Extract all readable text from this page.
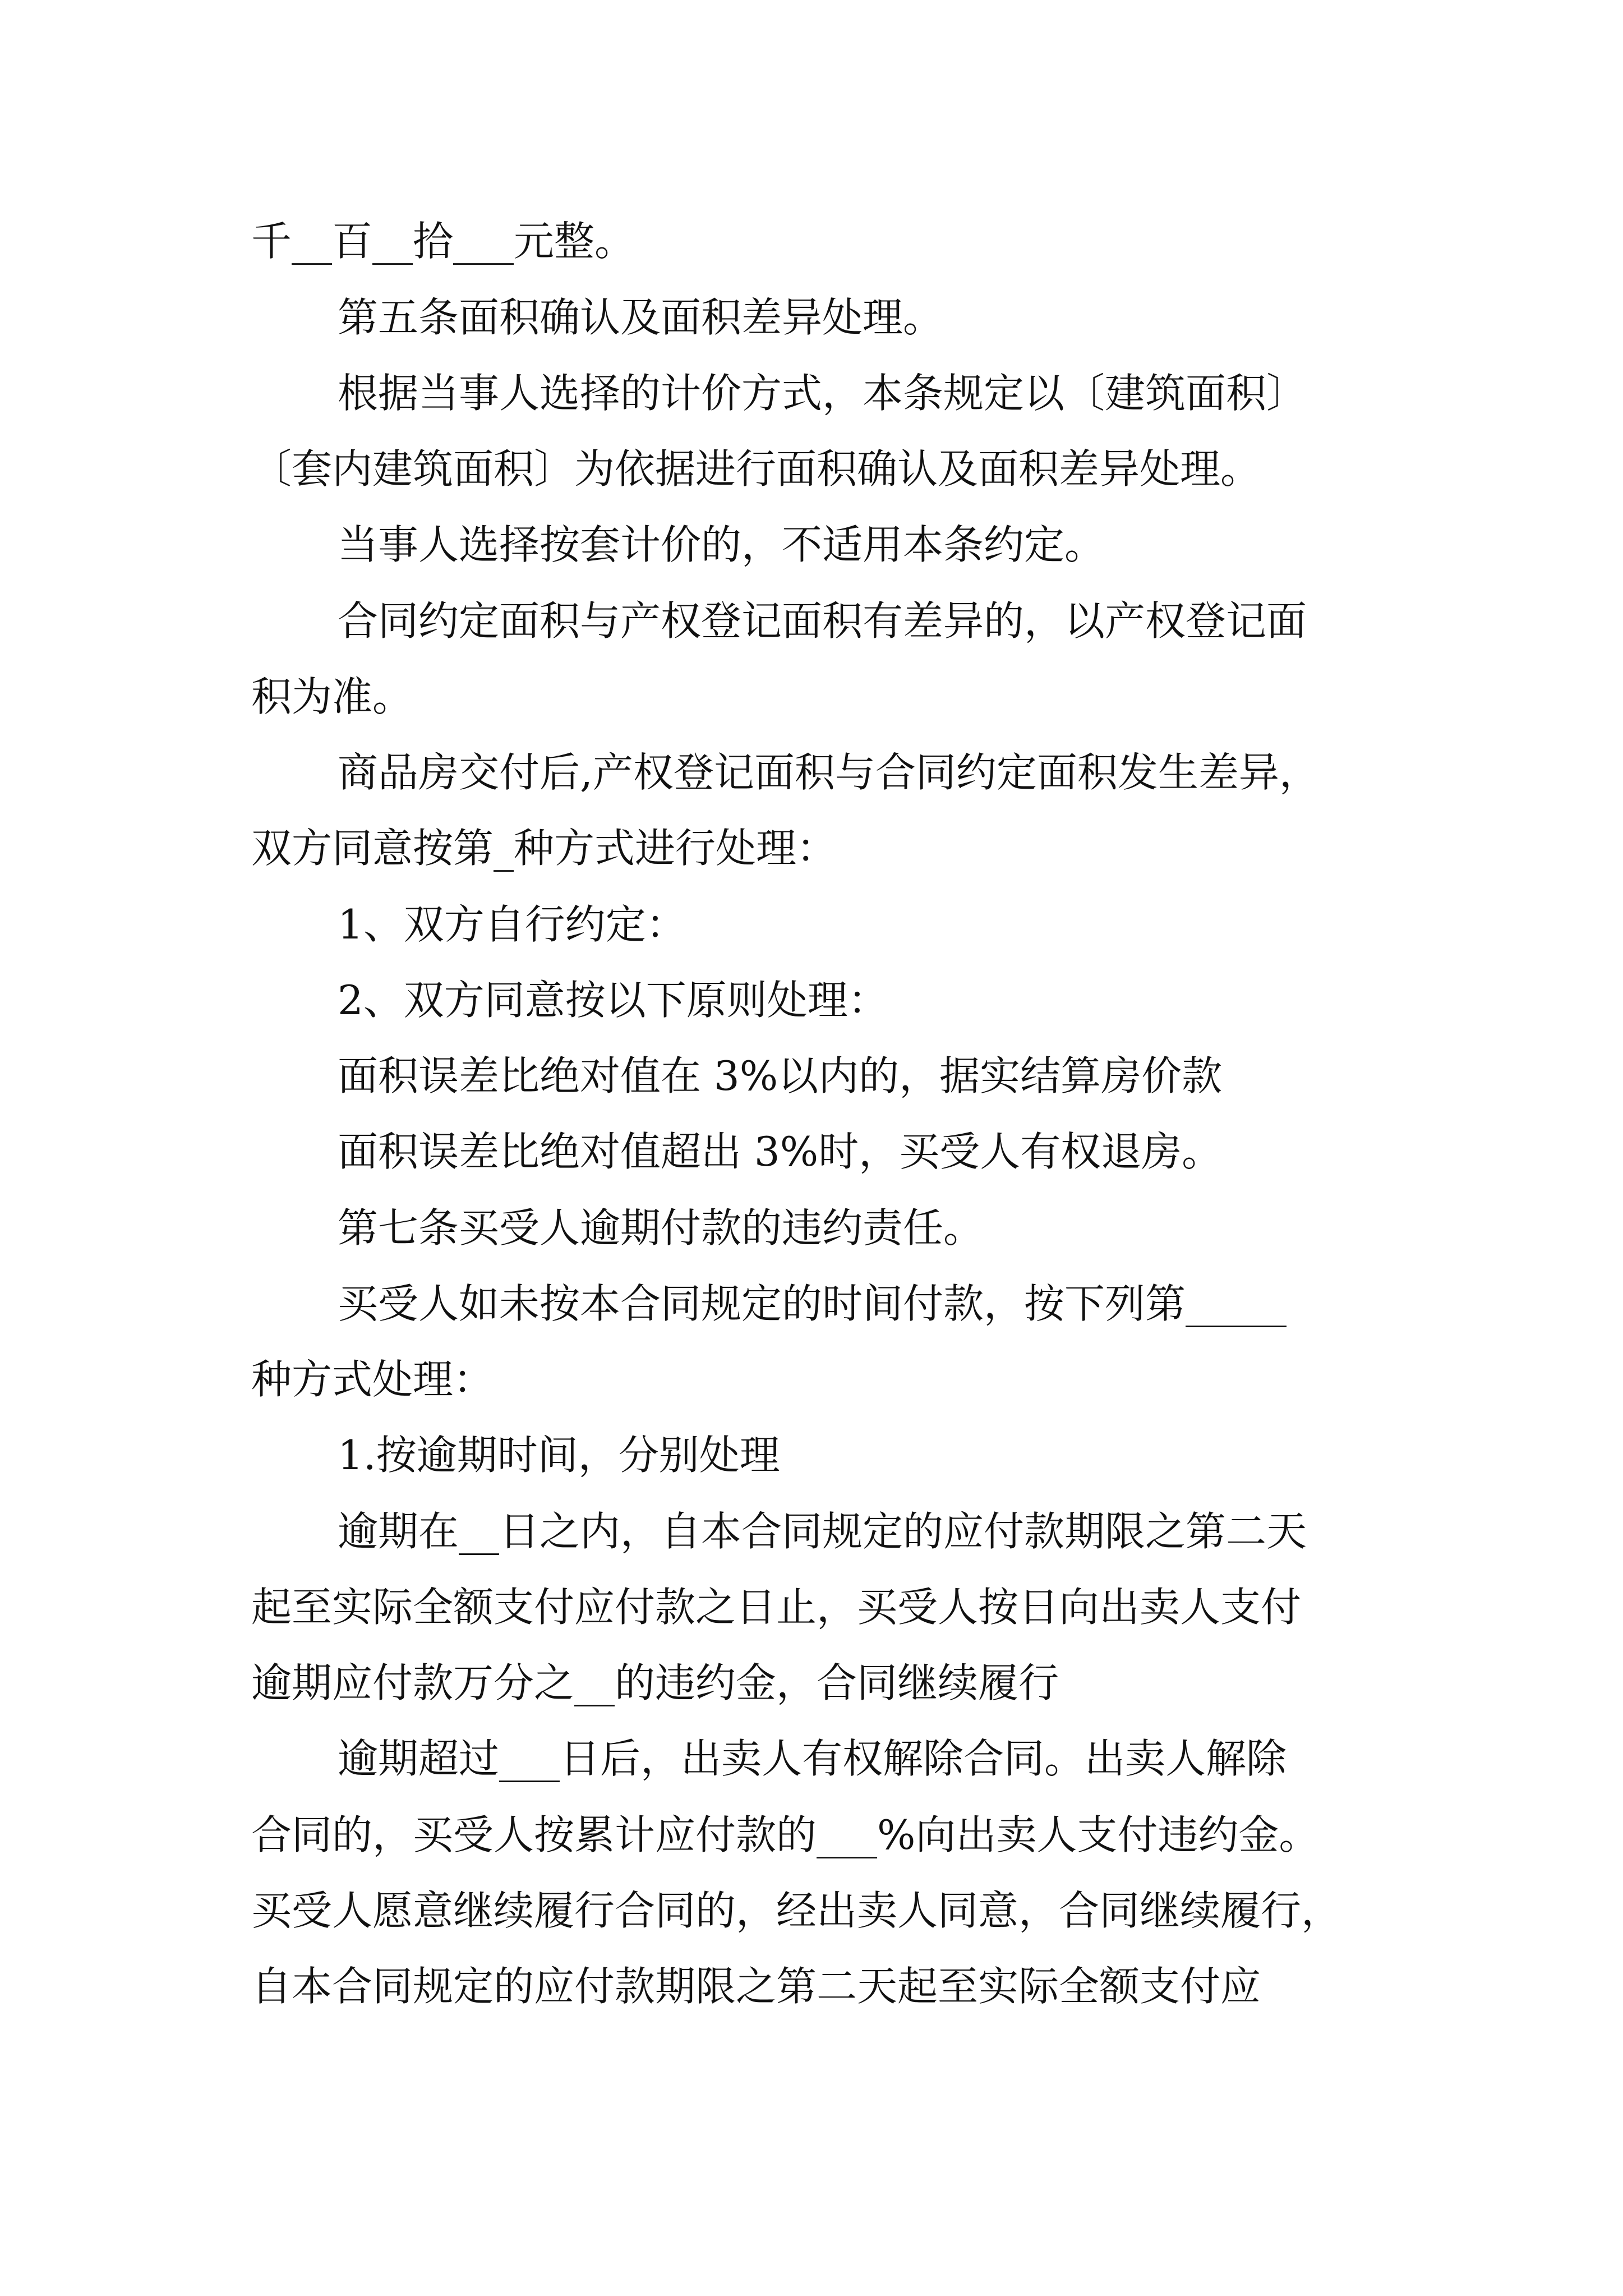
千__百__拾___元整。
第五条面积确认及面积差异处理。
根据当事人选择的计价方式，本条规定以〔建筑面积〕
〔套内建筑面积〕为依据进行面积确认及面积差异处理。
当事人选择按套计价的，不适用本条约定。
合同约定面积与产权登记面积有差异的，以产权登记面
积为准。
商品房交付后,产权登记面积与合同约定面积发生差异，
双方同意按第_种方式进行处理：
1、双方自行约定：
2、双方同意按以下原则处理：
面积误差比绝对值在 3%以内的，据实结算房价款
面积误差比绝对值超出 3%时，买受人有权退房。
第七条买受人逾期付款的违约责任。
买受人如未按本合同规定的时间付款，按下列第_____
种方式处理：
1.按逾期时间，分别处理
逾期在__日之内，自本合同规定的应付款期限之第二天
起至实际全额支付应付款之日止，买受人按日向出卖人支付
逾期应付款万分之__的违约金，合同继续履行
逾期超过___日后，出卖人有权解除合同。出卖人解除
合同的，买受人按累计应付款的___%向出卖人支付违约金。
买受人愿意继续履行合同的，经出卖人同意，合同继续履行，
自本合同规定的应付款期限之第二天起至实际全额支付应
